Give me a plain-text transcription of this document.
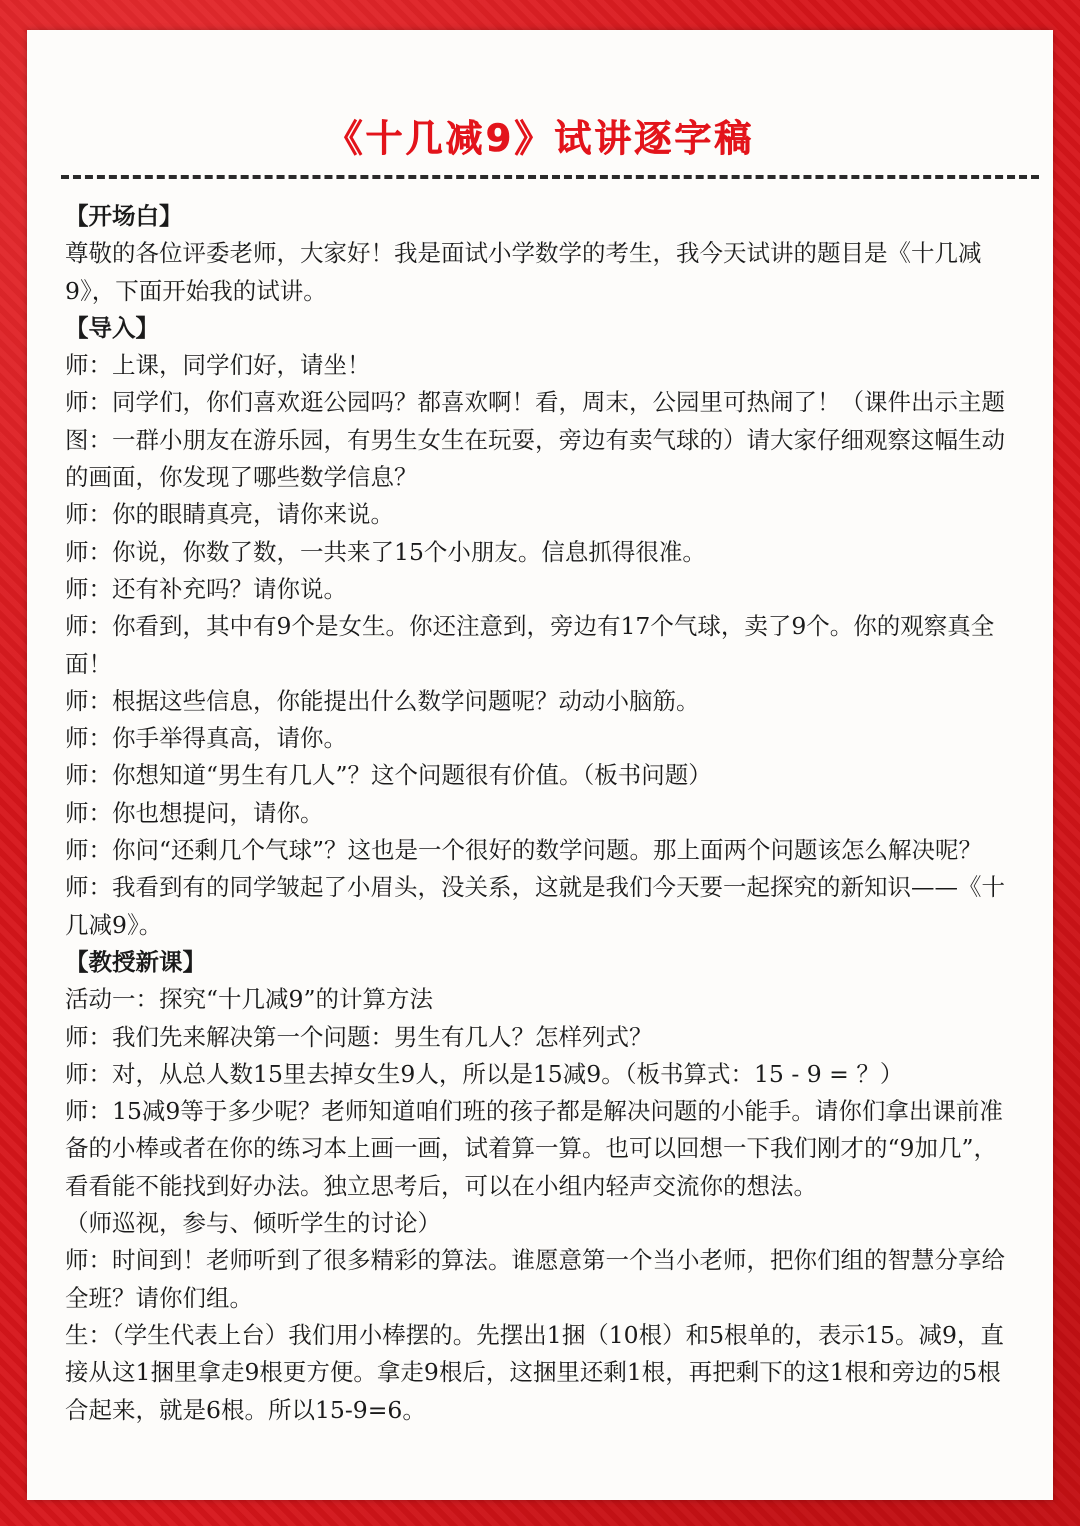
《十几减9》试讲逐字稿

【开场白】

尊敬的各位评委老师，大家好！我是面试小学数学的考生，我今天试讲的题目是《十几减9》，下面开始我的试讲。

【导入】

师：上课，同学们好，请坐！

师：同学们，你们喜欢逛公园吗？都喜欢啊！看，周末，公园里可热闹了！（课件出示主题图：一群小朋友在游乐园，有男生女生在玩耍，旁边有卖气球的）请大家仔细观察这幅生动的画面，你发现了哪些数学信息？

师：你的眼睛真亮，请你来说。

师：你说，你数了数，一共来了15个小朋友。信息抓得很准。

师：还有补充吗？请你说。

师：你看到，其中有9个是女生。你还注意到，旁边有17个气球，卖了9个。你的观察真全面！

师：根据这些信息，你能提出什么数学问题呢？动动小脑筋。

师：你手举得真高，请你。

师：你想知道“男生有几人”？这个问题很有价值。（板书问题）

师：你也想提问，请你。

师：你问“还剩几个气球”？这也是一个很好的数学问题。那上面两个问题该怎么解决呢？

师：我看到有的同学皱起了小眉头，没关系，这就是我们今天要一起探究的新知识——《十几减9》。

【教授新课】

活动一：探究“十几减9”的计算方法

师：我们先来解决第一个问题：男生有几人？怎样列式？

师：对，从总人数15里去掉女生9人，所以是15减9。（板书算式：15 - 9 = ？）

师：15减9等于多少呢？老师知道咱们班的孩子都是解决问题的小能手。请你们拿出课前准备的小棒或者在你的练习本上画一画，试着算一算。也可以回想一下我们刚才的“9加几”，看看能不能找到好办法。独立思考后，可以在小组内轻声交流你的想法。

（师巡视，参与、倾听学生的讨论）

师：时间到！老师听到了很多精彩的算法。谁愿意第一个当小老师，把你们组的智慧分享给全班？请你们组。

生：（学生代表上台）我们用小棒摆的。先摆出1捆（10根）和5根单的，表示15。减9，直接从这1捆里拿走9根更方便。拿走9根后，这捆里还剩1根，再把剩下的这1根和旁边的5根合起来，就是6根。所以15-9=6。
